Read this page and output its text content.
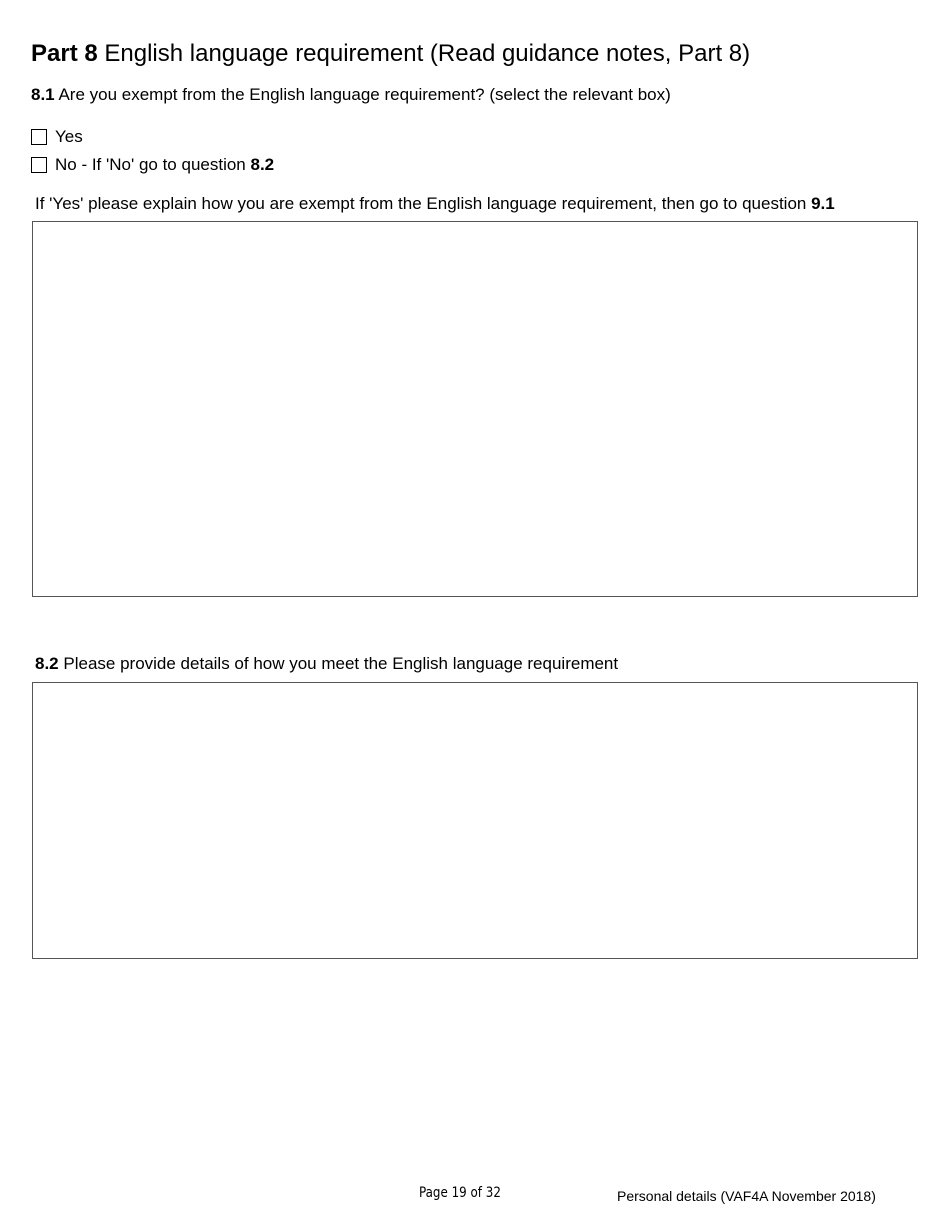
Part 8 English language requirement (Read guidance notes, Part 8)
8.1 Are you exempt from the English language requirement? (select the relevant box)
Yes
No - If 'No' go to question
8.2
If 'Yes' please explain how you are exempt from the English language requirement, then go to question 9.1
8.2 Please provide details of how you meet the English language requirement
Page 19 of 32	Personal details (VAF4A November 2018)
